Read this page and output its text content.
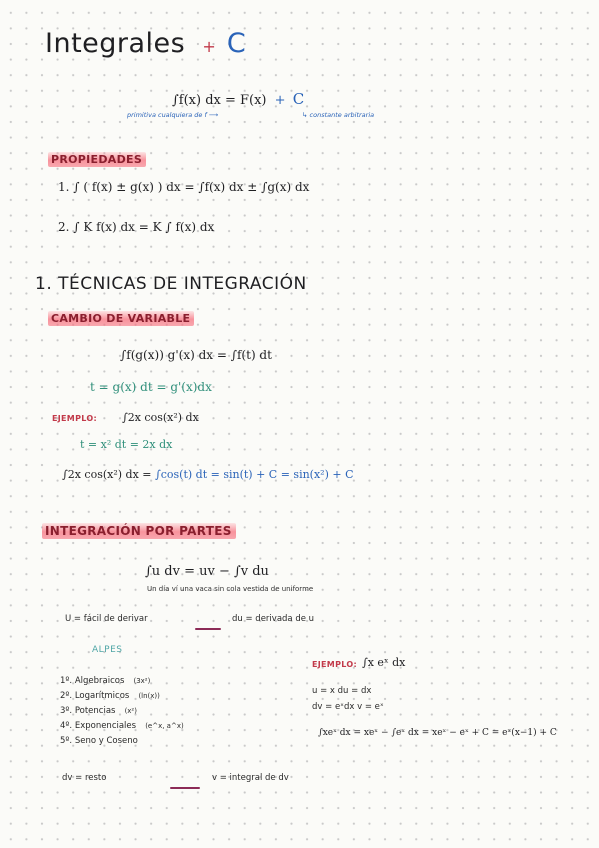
Integrales + C
∫f(x) dx = F(x) + C
primitiva cualquiera de f ⟶	↳ constante arbitraria
PROPIEDADES
1. ∫ ( f(x) ± g(x) ) dx = ∫f(x) dx ± ∫g(x) dx
2. ∫ K f(x) dx = K ∫ f(x) dx
1. TÉCNICAS DE INTEGRACIÓN
CAMBIO DE VARIABLE
∫f(g(x)) g'(x) dx = ∫f(t) dt
t = g(x) dt = g'(x)dx
EJEMPLO: ∫2x cos(x²) dx
t = x² dt = 2x dx
∫2x cos(x²) dx = ∫cos(t) dt = sin(t) + C = sin(x²) + C
INTEGRACIÓN POR PARTES
∫u dv = uv − ∫v du
Un día ví una vaca sin cola vestida de uniforme
U = fácil de derivar	du = derivada de u
ALPES
1º. Algebraicos (3x²)
2º. Logarítmicos (ln(x))
3º. Potencias (x²)
4º. Exponenciales (e^x, a^x)
5º. Seno y Coseno
EJEMPLO: ∫x eˣ dx
u = x du = dx
dv = eˣdx v = eˣ
∫xeˣ dx = xeˣ − ∫eˣ dx = xeˣ − eˣ + C = eˣ(x−1) + C
dv = resto	v = integral de dv
